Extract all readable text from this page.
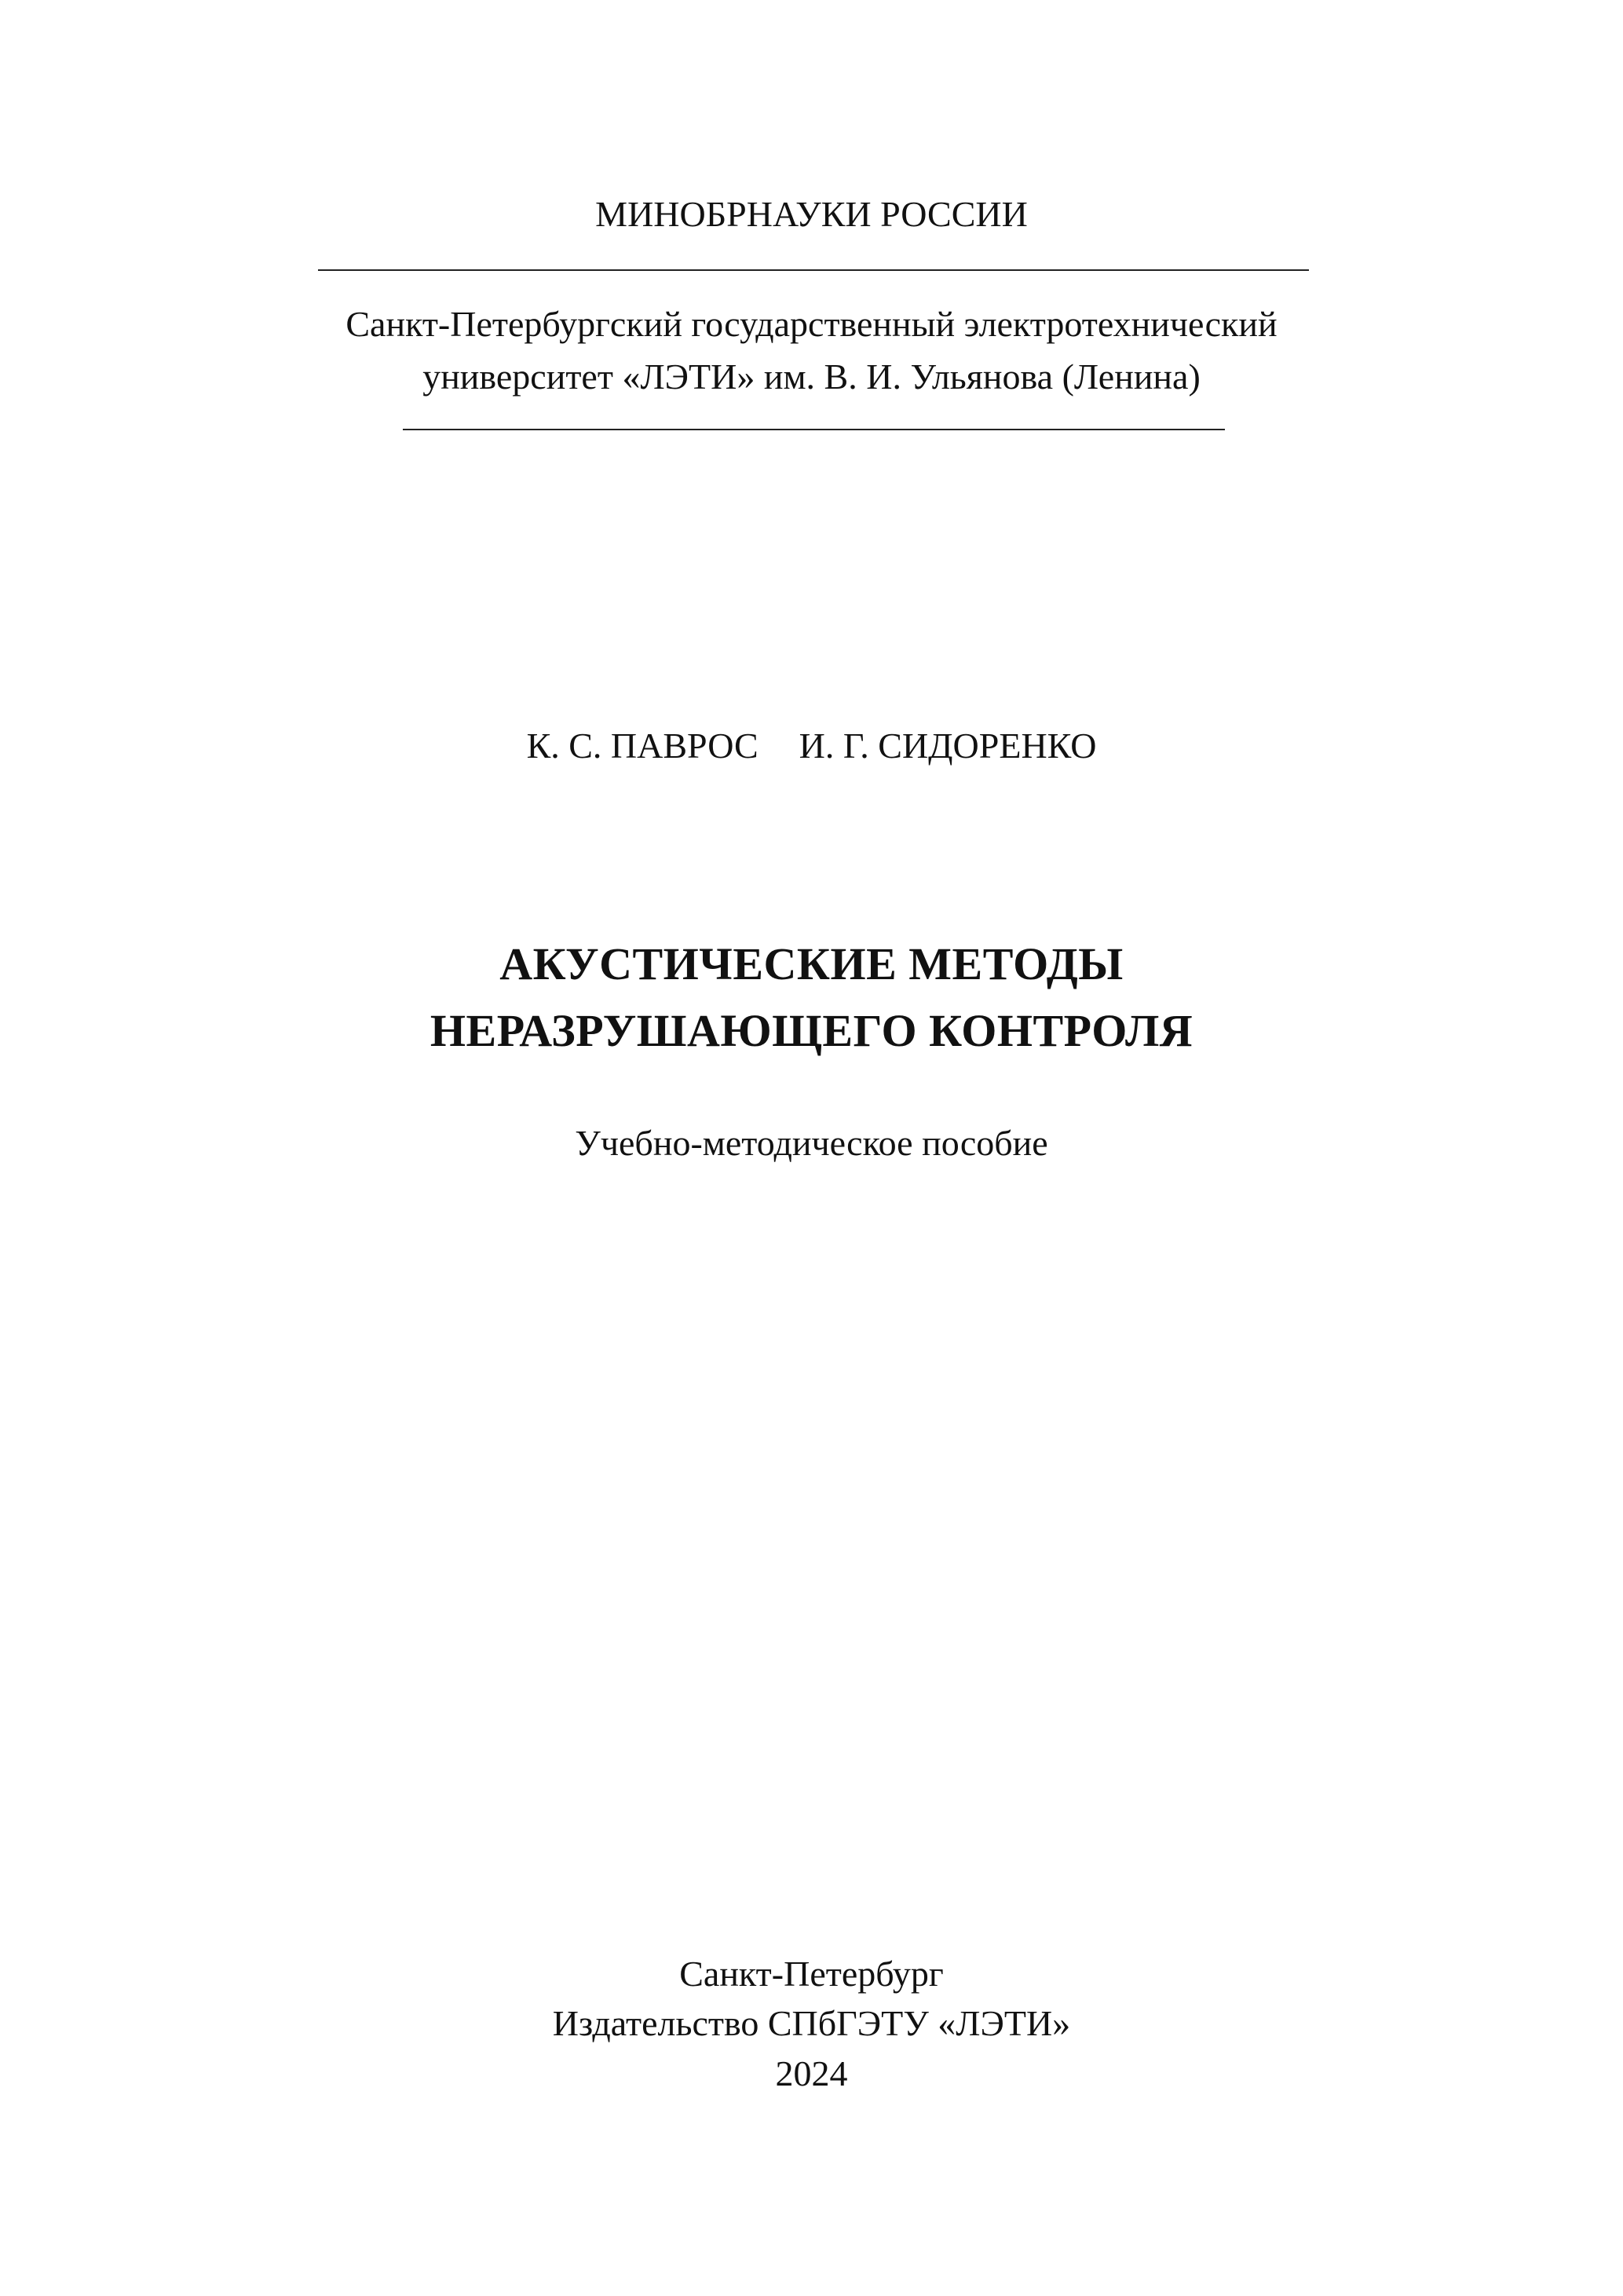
МИНОБРНАУКИ РОССИИ
Санкт-Петербургский государственный электротехнический
университет «ЛЭТИ» им. В. И. Ульянова (Ленина)
К. С. ПАВРОС И. Г. СИДОРЕНКО
АКУСТИЧЕСКИЕ МЕТОДЫ
НЕРАЗРУШАЮЩЕГО КОНТРОЛЯ
Учебно-методическое пособие
Санкт-Петербург
Издательство СПбГЭТУ «ЛЭТИ»
2024
